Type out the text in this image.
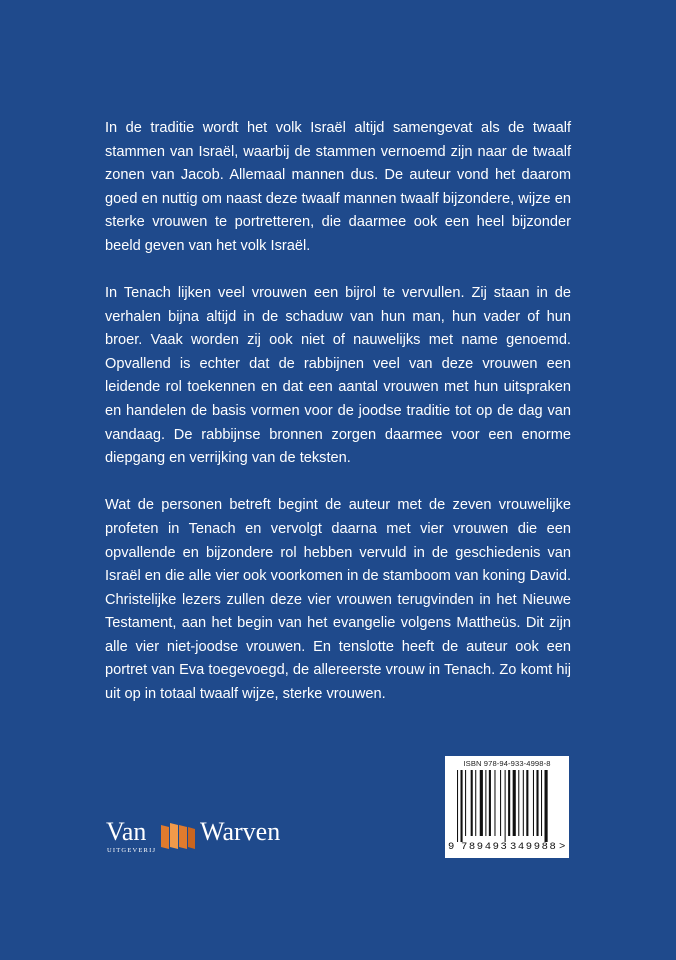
In de traditie wordt het volk Israël altijd samengevat als de twaalf stammen van Israël, waarbij de stammen vernoemd zijn naar de twaalf zonen van Jacob. Allemaal mannen dus. De auteur vond het daarom goed en nuttig om naast deze twaalf mannen twaalf bijzondere, wijze en sterke vrouwen te portretteren, die daarmee ook een heel bijzonder beeld geven van het volk Israël.

In Tenach lijken veel vrouwen een bijrol te vervullen. Zij staan in de verhalen bijna altijd in de schaduw van hun man, hun vader of hun broer. Vaak worden zij ook niet of nauwelijks met name genoemd. Opvallend is echter dat de rabbijnen veel van deze vrouwen een leidende rol toekennen en dat een aantal vrouwen met hun uitspraken en handelen de basis vormen voor de joodse traditie tot op de dag van vandaag. De rabbijnse bronnen zorgen daarmee voor een enorme diepgang en verrijking van de teksten.

Wat de personen betreft begint de auteur met de zeven vrouwelijke profeten in Tenach en vervolgt daarna met vier vrouwen die een opvallende en bijzondere rol hebben vervuld in de geschiedenis van Israël en die alle vier ook voorkomen in de stamboom van koning David. Christelijke lezers zullen deze vier vrouwen terugvinden in het Nieuwe Testament, aan het begin van het evangelie volgens Mattheüs. Dit zijn alle vier niet-joodse vrouwen. En tenslotte heeft de auteur ook een portret van Eva toegevoegd, de allereerste vrouw in Tenach. Zo komt hij uit op in totaal twaalf wijze, sterke vrouwen.

Van
UITGEVERIJ
Warven
ISBN 978-94-933-4998-8
9 789493 349988 >
